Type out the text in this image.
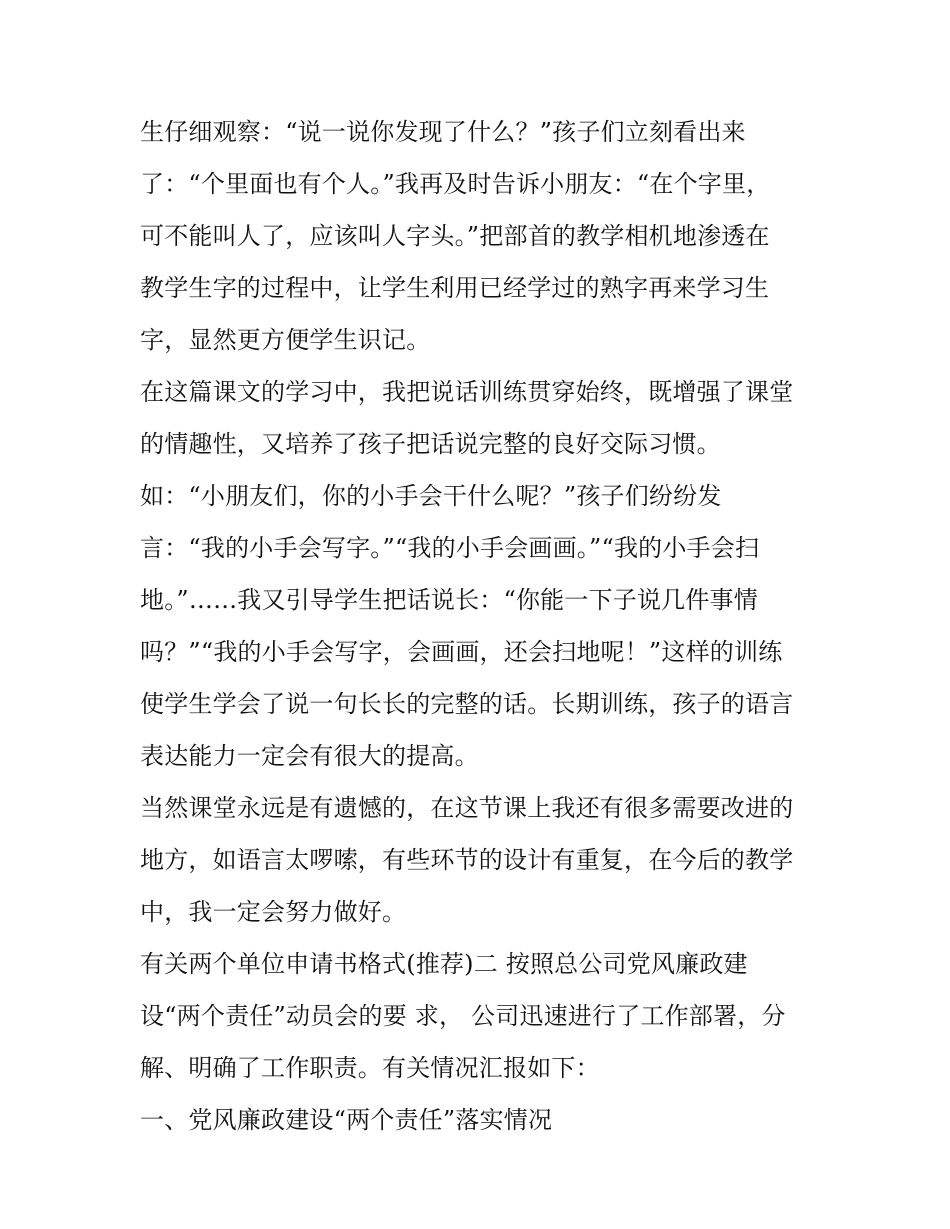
生仔细观察：“说一说你发现了什么？”孩子们立刻看出来
了：“个里面也有个人。”我再及时告诉小朋友：“在个字里，
可不能叫人了，应该叫人字头。”把部首的教学相机地渗透在
教学生字的过程中，让学生利用已经学过的熟字再来学习生
字，显然更方便学生识记。
在这篇课文的学习中，我把说话训练贯穿始终，既增强了课堂
的情趣性，又培养了孩子把话说完整的良好交际习惯。
如：“小朋友们，你的小手会干什么呢？”孩子们纷纷发
言：“我的小手会写字。”“我的小手会画画。”“我的小手会扫
地。”……我又引导学生把话说长：“你能一下子说几件事情
吗？”“我的小手会写字，会画画，还会扫地呢！”这样的训练
使学生学会了说一句长长的完整的话。长期训练，孩子的语言
表达能力一定会有很大的提高。
当然课堂永远是有遗憾的，在这节课上我还有很多需要改进的
地方，如语言太啰嗦，有些环节的设计有重复，在今后的教学
中，我一定会努力做好。
有关两个单位申请书格式(推荐)二 按照总公司党风廉政建
设“两个责任”动员会的要 求， 公司迅速进行了工作部署，分
解、明确了工作职责。有关情况汇报如下：
一、党风廉政建设“两个责任”落实情况
